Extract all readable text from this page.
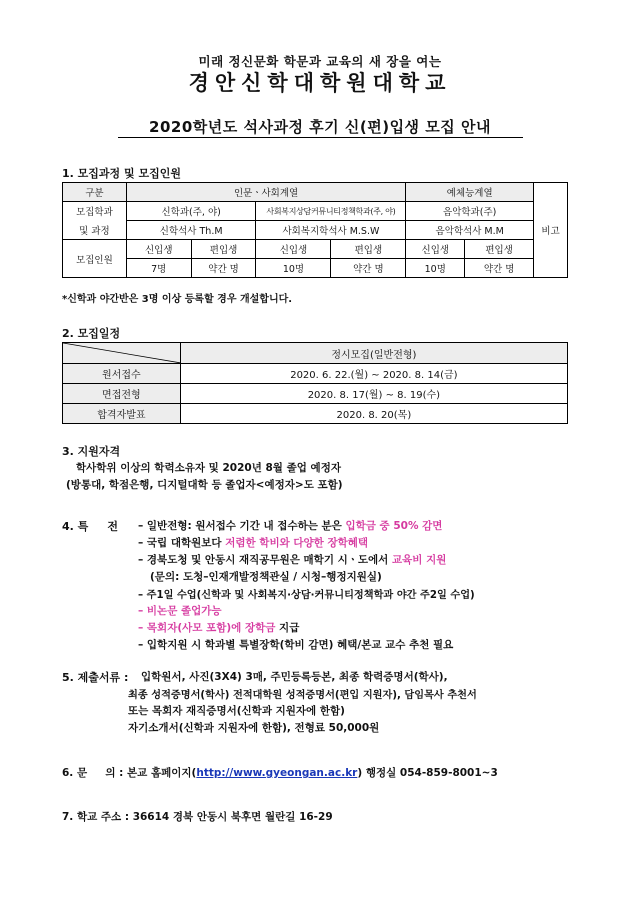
미래 정신문화 학문과 교육의 새 장을 여는
경안신학대학원대학교
2020학년도 석사과정 후기 신(편)입생 모집 안내
1. 모집과정 및 모집인원
구분	인문ㆍ사회계열				예체능계열		비고
모집학과	신학과(주, 야)		사회복지상담커뮤니티정책학과(주, 야)		음악학과(주)		
및 과정	신학석사 Th.M		사회복지학석사 M.S.W		음악학석사 M.M		
모집인원	신입생	편입생	신입생	편입생	신입생	편입생	
	7명	약간 명	10명	약간 명	10명	약간 명	
*신학과 야간반은 3명 이상 등록할 경우 개설합니다.
2. 모집일정
	정시모집(일반전형)
원서접수	2020. 6. 22.(월) ~ 2020. 8. 14(금)
면접전형	2020. 8. 17(월) ~ 8. 19(수)
합격자발표	2020. 8. 20(목)
3. 지원자격
학사학위 이상의 학력소유자 및 2020년 8월 졸업 예정자
(방통대, 학점은행, 디지털대학 등 졸업자<예정자>도 포함)
4. 특     전 – 일반전형: 원서접수 기간 내 접수하는 분은 입학금 중 50% 감면
– 국립 대학원보다 저렴한 학비와 다양한 장학혜택
– 경북도청 및 안동시 재직공무원은 매학기 시ㆍ도에서 교육비 지원
(문의: 도청–인재개발정책관실 / 시청–행정지원실)
– 주1일 수업(신학과 및 사회복지·상담·커뮤니티정책학과 야간 주2일 수업)
– 비논문 졸업가능
– 목회자(사모 포함)에 장학금 지급
– 입학지원 시 학과별 특별장학(학비 감면) 혜택/본교 교수 추천 필요
5. 제출서류 : 입학원서, 사진(3X4) 3매, 주민등록등본, 최종 학력증명서(학사),
최종 성적증명서(학사) 전적대학원 성적증명서(편입 지원자), 담임목사 추천서
또는 목회자 재직증명서(신학과 지원자에 한함)
자기소개서(신학과 지원자에 한함), 전형료 50,000원
6. 문     의 : 본교 홈페이지(http://www.gyeongan.ac.kr) 행정실 054-859-8001~3
7. 학교 주소 : 36614 경북 안동시 북후면 월란길 16-29
